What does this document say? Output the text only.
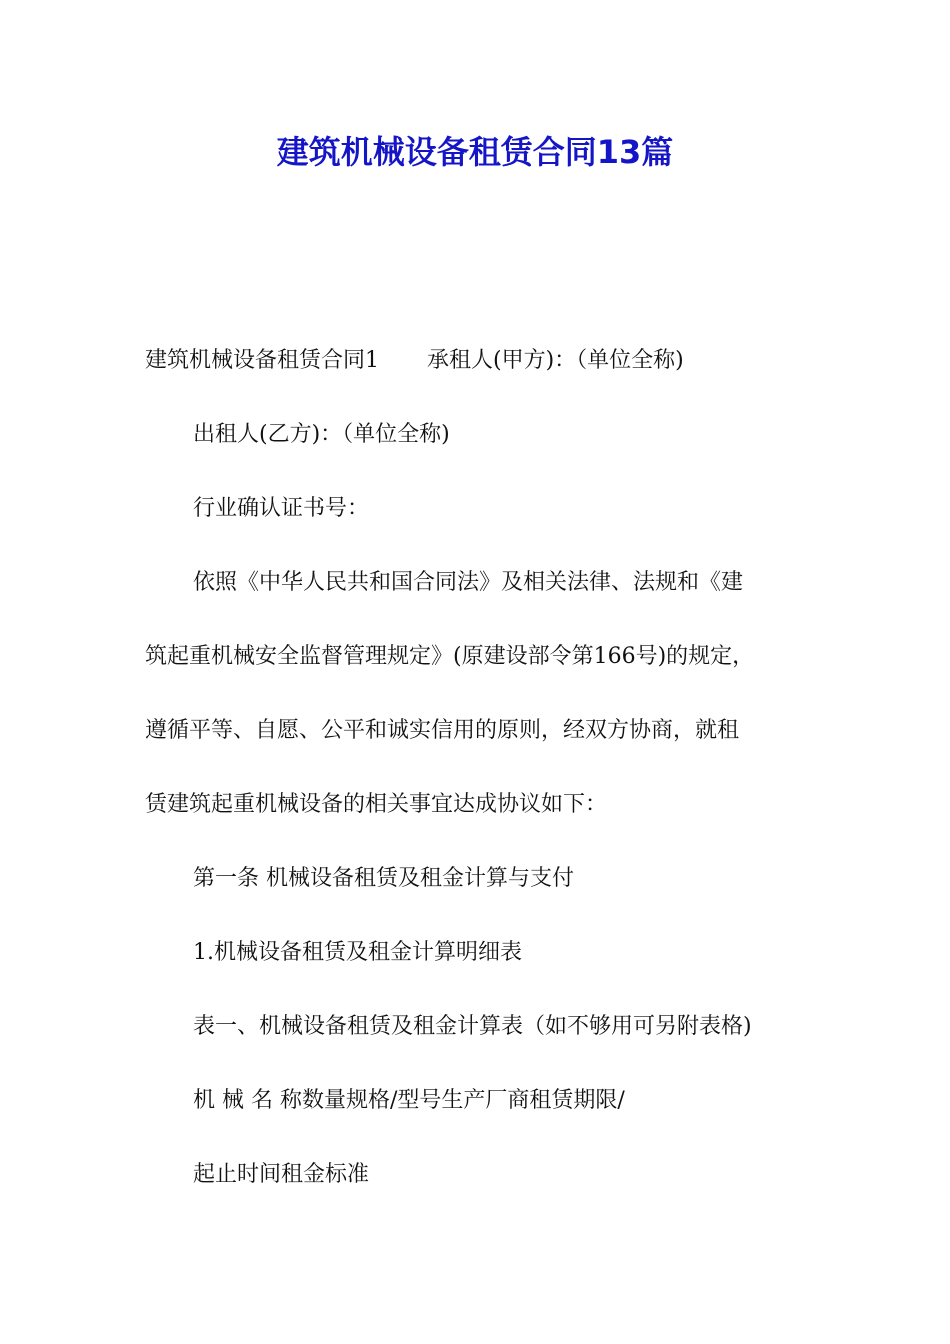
建筑机械设备租赁合同13篇

建筑机械设备租赁合同1 承租人(甲方)：（单位全称)

出租人(乙方)：（单位全称)

行业确认证书号：

依照《中华人民共和国合同法》及相关法律、法规和《建

筑起重机械安全监督管理规定》(原建设部令第166号)的规定，

遵循平等、自愿、公平和诚实信用的原则，经双方协商，就租

赁建筑起重机械设备的相关事宜达成协议如下：

第一条 机械设备租赁及租金计算与支付

1.机械设备租赁及租金计算明细表

表一、机械设备租赁及租金计算表（如不够用可另附表格)

机 械 名 称数量规格/型号生产厂商租赁期限/

起止时间租金标准
